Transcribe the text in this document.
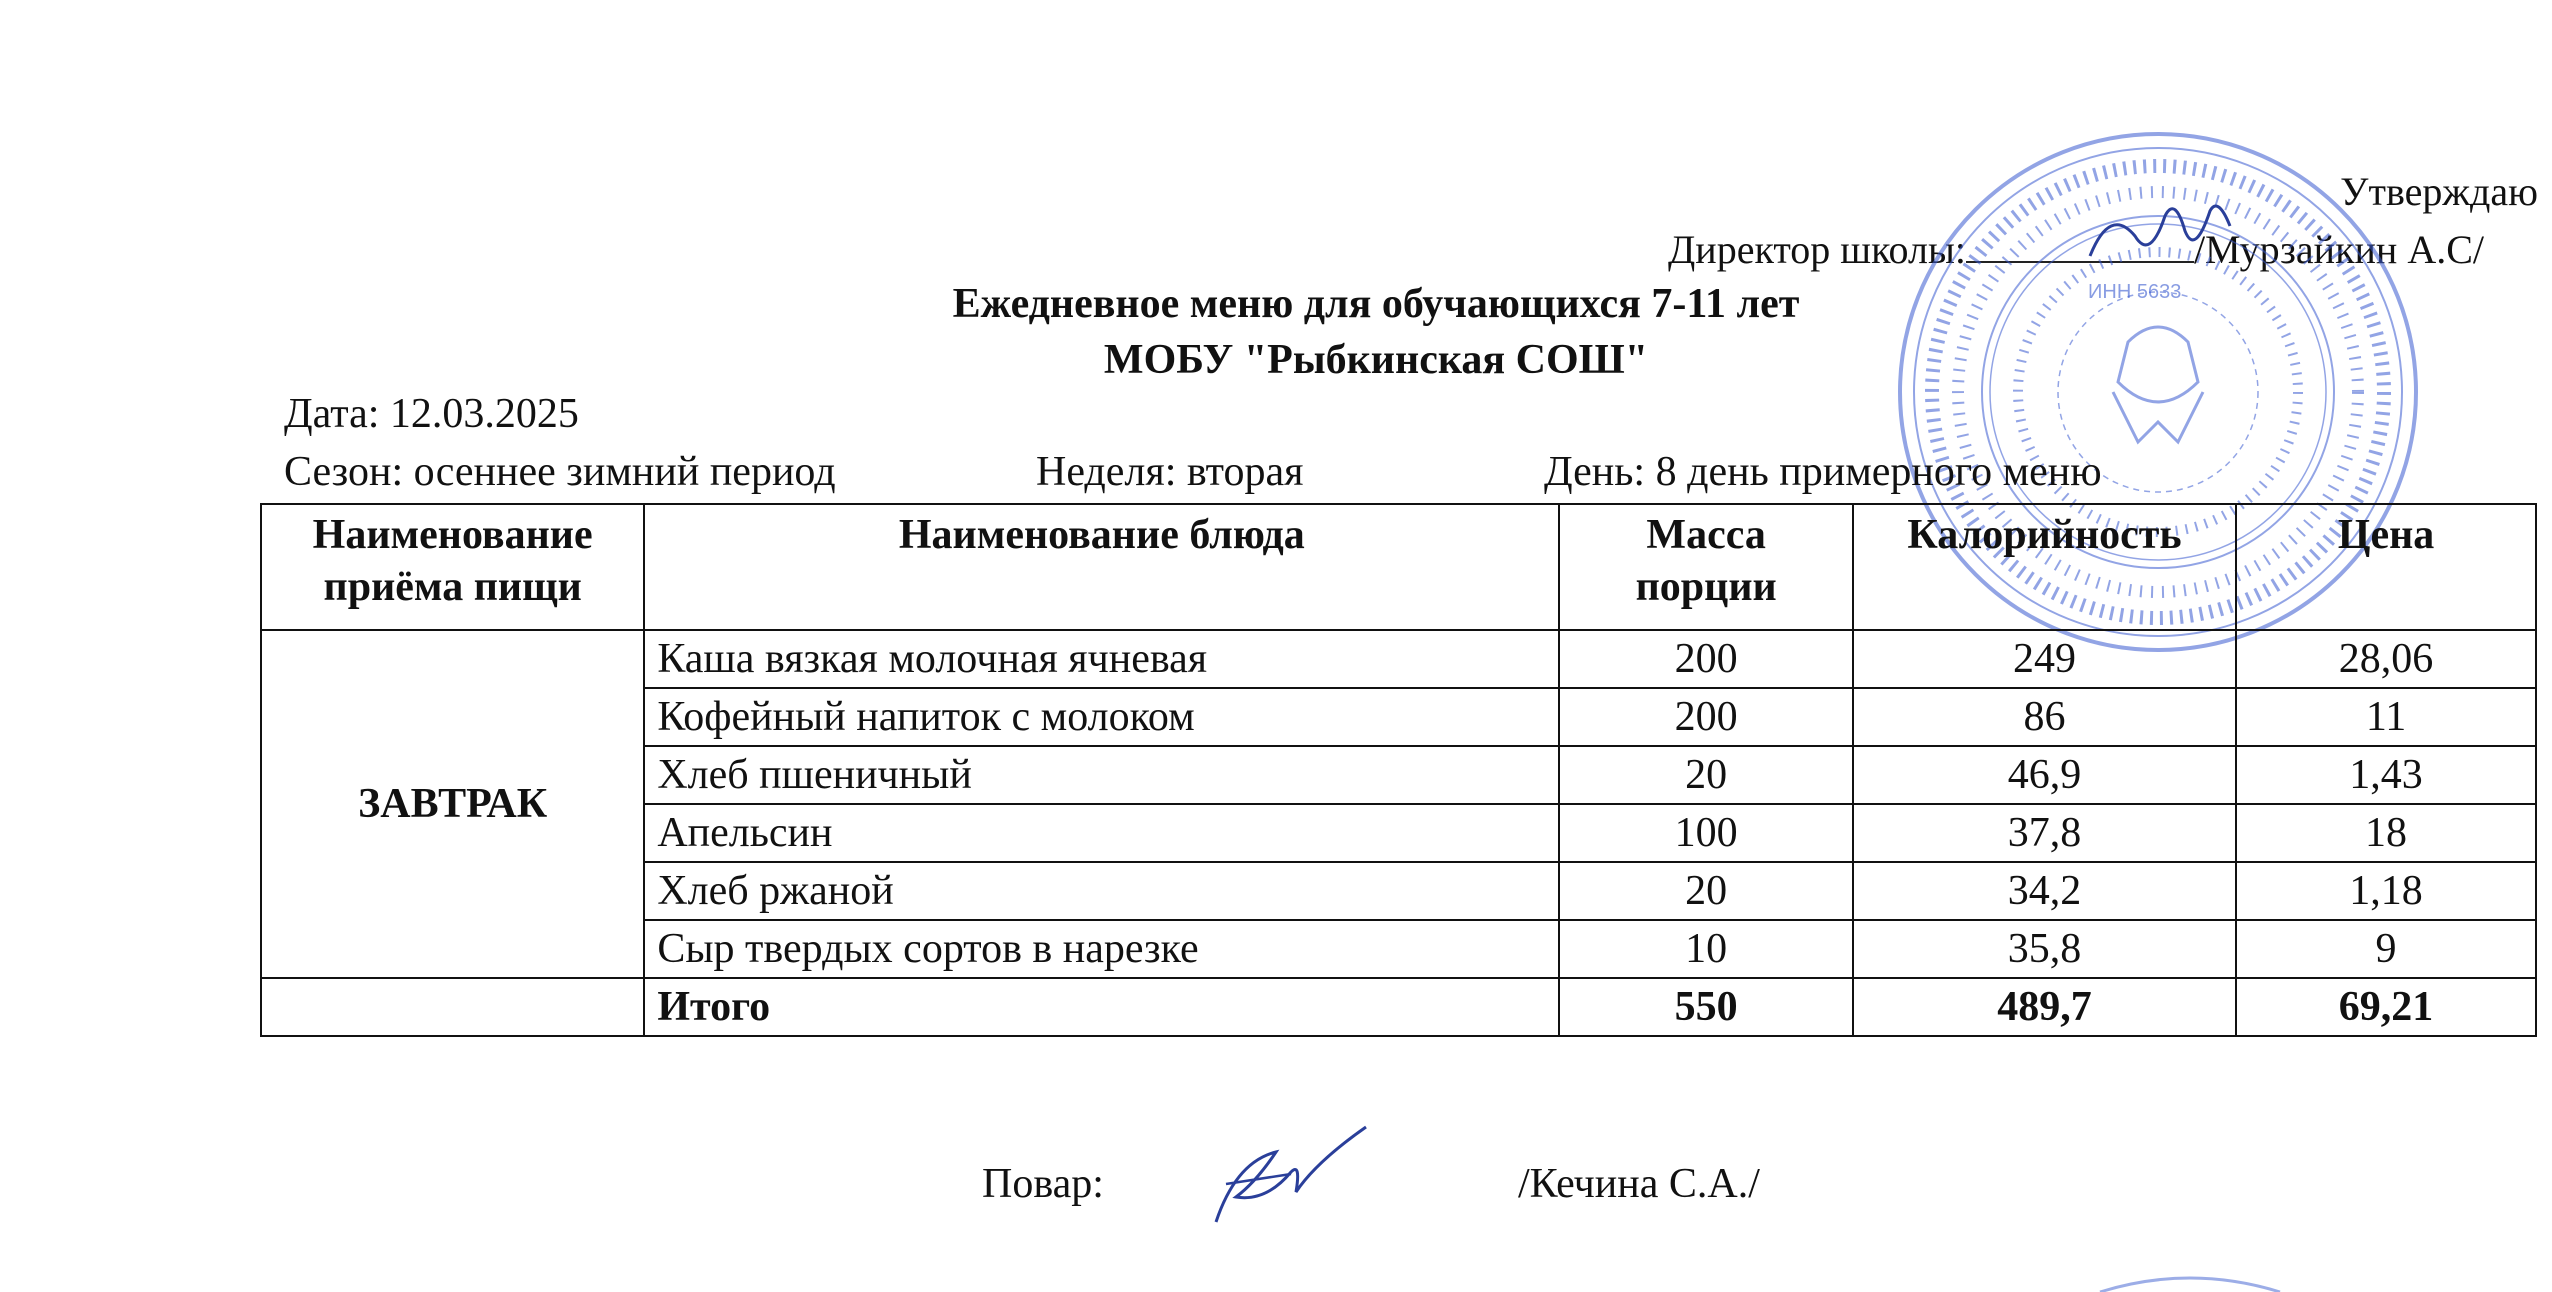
Утверждаю
Директор школы:	/Мурзайкин А.С/
ИНН 5633
Ежедневное меню для обучающихся 7-11 лет
МОБУ "Рыбкинская СОШ"
Дата: 12.03.2025
Сезон: осеннее зимний период	Неделя: вторая	День: 8 день примерного меню
Наименование приёма пищи	Наименование блюда	Масса порции	Калорийность	Цена
ЗАВТРАК	Каша вязкая молочная ячневая	200	249	28,06
	Кофейный напиток с молоком	200	86	11
	Хлеб пшеничный	20	46,9	1,43
	Апельсин	100	37,8	18
	Хлеб ржаной	20	34,2	1,18
	Сыр твердых сортов в нарезке	10	35,8	9
	Итого	550	489,7	69,21
Повар:	/Кечина С.А./
